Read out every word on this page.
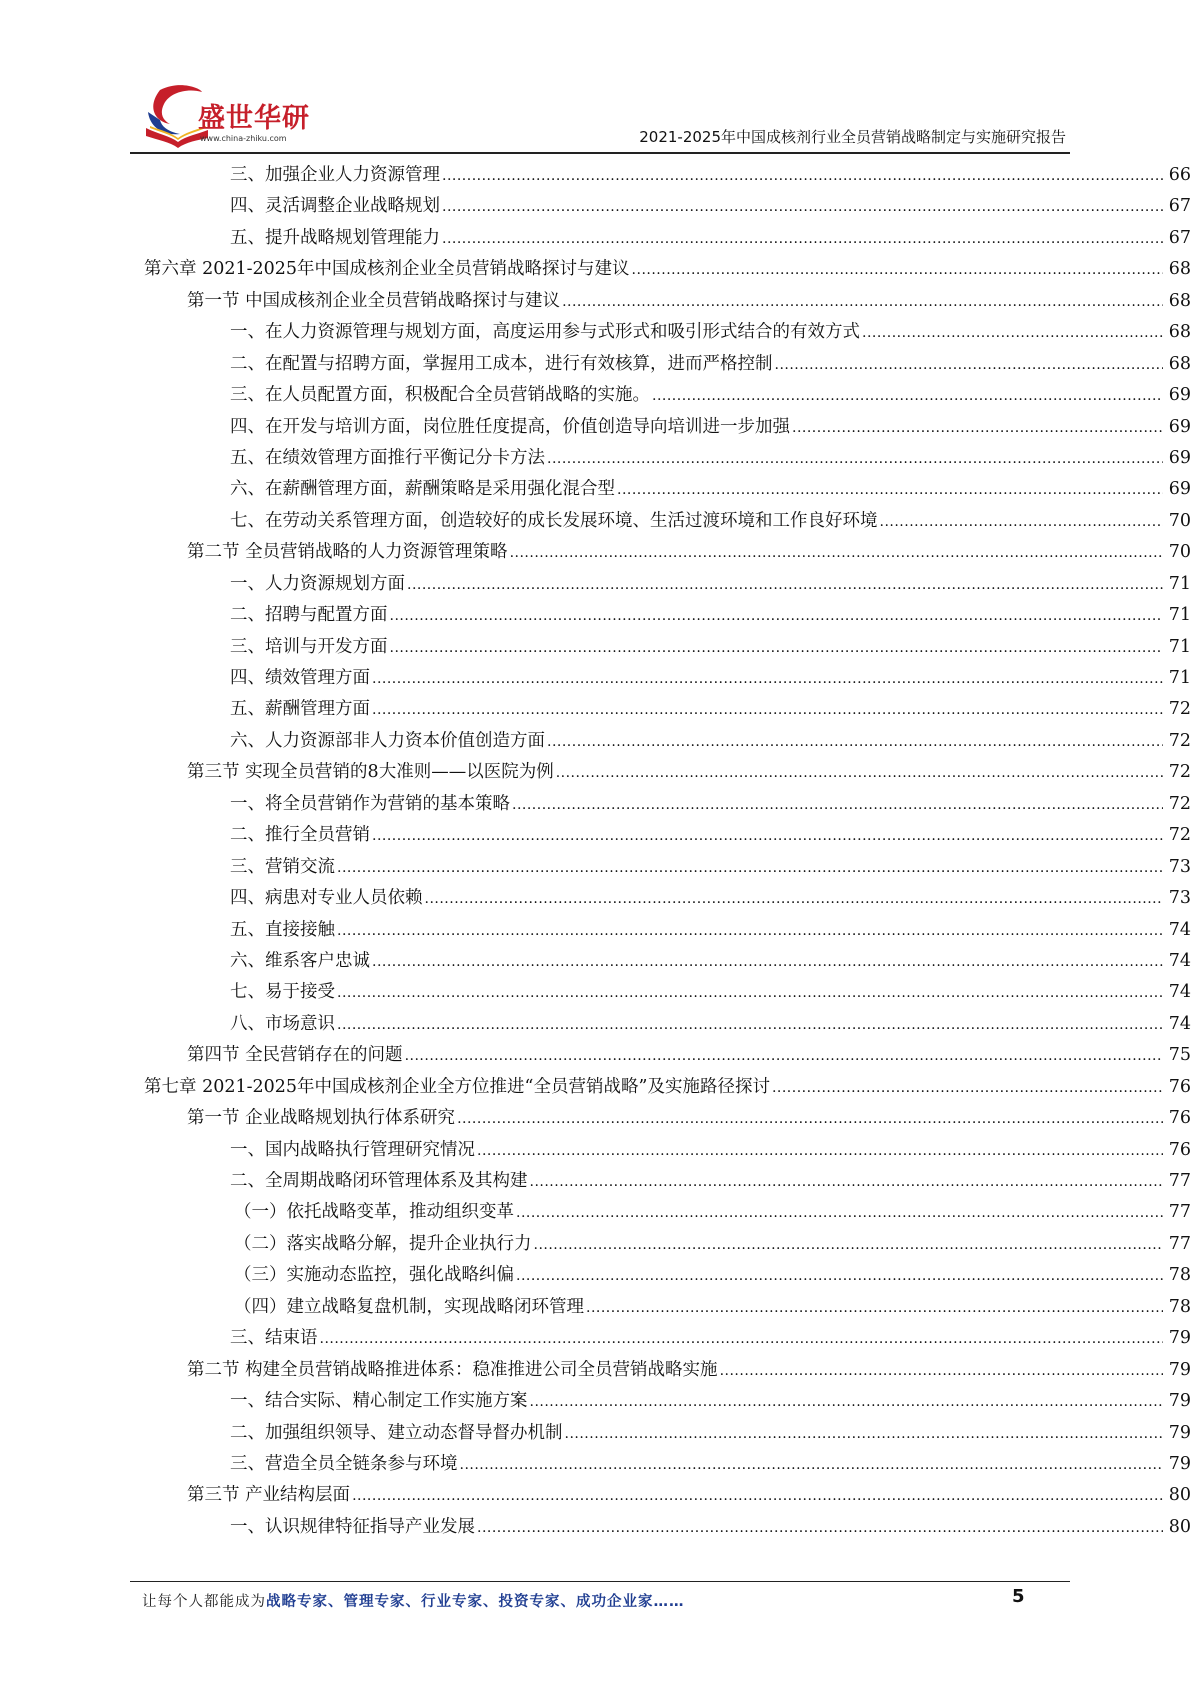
盛世华研
www.china-zhiku.com	2021-2025年中国成核剂行业全员营销战略制定与实施研究报告
三、加强企业人力资源管理 .....	66
四、灵活调整企业战略规划 .....	67
五、提升战略规划管理能力 .....	67
第六章 2021-2025年中国成核剂企业全员营销战略探讨与建议 .....	68
第一节 中国成核剂企业全员营销战略探讨与建议 .....	68
一、在人力资源管理与规划方面，高度运用参与式形式和吸引形式结合的有效方式 .....	68
二、在配置与招聘方面，掌握用工成本，进行有效核算，进而严格控制 .....	68
三、在人员配置方面，积极配合全员营销战略的实施。 .....	69
四、在开发与培训方面，岗位胜任度提高，价值创造导向培训进一步加强 .....	69
五、在绩效管理方面推行平衡记分卡方法 .....	69
六、在薪酬管理方面，薪酬策略是采用强化混合型 .....	69
七、在劳动关系管理方面，创造较好的成长发展环境、生活过渡环境和工作良好环境 .....	70
第二节 全员营销战略的人力资源管理策略 .....	70
一、人力资源规划方面 .....	71
二、招聘与配置方面 .....	71
三、培训与开发方面 .....	71
四、绩效管理方面 .....	71
五、薪酬管理方面 .....	72
六、人力资源部非人力资本价值创造方面 .....	72
第三节 实现全员营销的8大准则——以医院为例 .....	72
一、将全员营销作为营销的基本策略 .....	72
二、推行全员营销 .....	72
三、营销交流 .....	73
四、病患对专业人员依赖 .....	73
五、直接接触 .....	74
六、维系客户忠诚 .....	74
七、易于接受 .....	74
八、市场意识 .....	74
第四节 全民营销存在的问题 .....	75
第七章 2021-2025年中国成核剂企业全方位推进“全员营销战略”及实施路径探讨 .....	76
第一节 企业战略规划执行体系研究 .....	76
一、国内战略执行管理研究情况 .....	76
二、全周期战略闭环管理体系及其构建 .....	77
（一）依托战略变革，推动组织变革 .....	77
（二）落实战略分解，提升企业执行力 .....	77
（三）实施动态监控，强化战略纠偏 .....	78
（四）建立战略复盘机制，实现战略闭环管理 .....	78
三、结束语 .....	79
第二节 构建全员营销战略推进体系：稳准推进公司全员营销战略实施 .....	79
一、结合实际、精心制定工作实施方案 .....	79
二、加强组织领导、建立动态督导督办机制 .....	79
三、营造全员全链条参与环境 .....	79
第三节 产业结构层面 .....	80
一、认识规律特征指导产业发展 .....	80
让每个人都能成为战略专家、管理专家、行业专家、投资专家、成功企业家……	5
